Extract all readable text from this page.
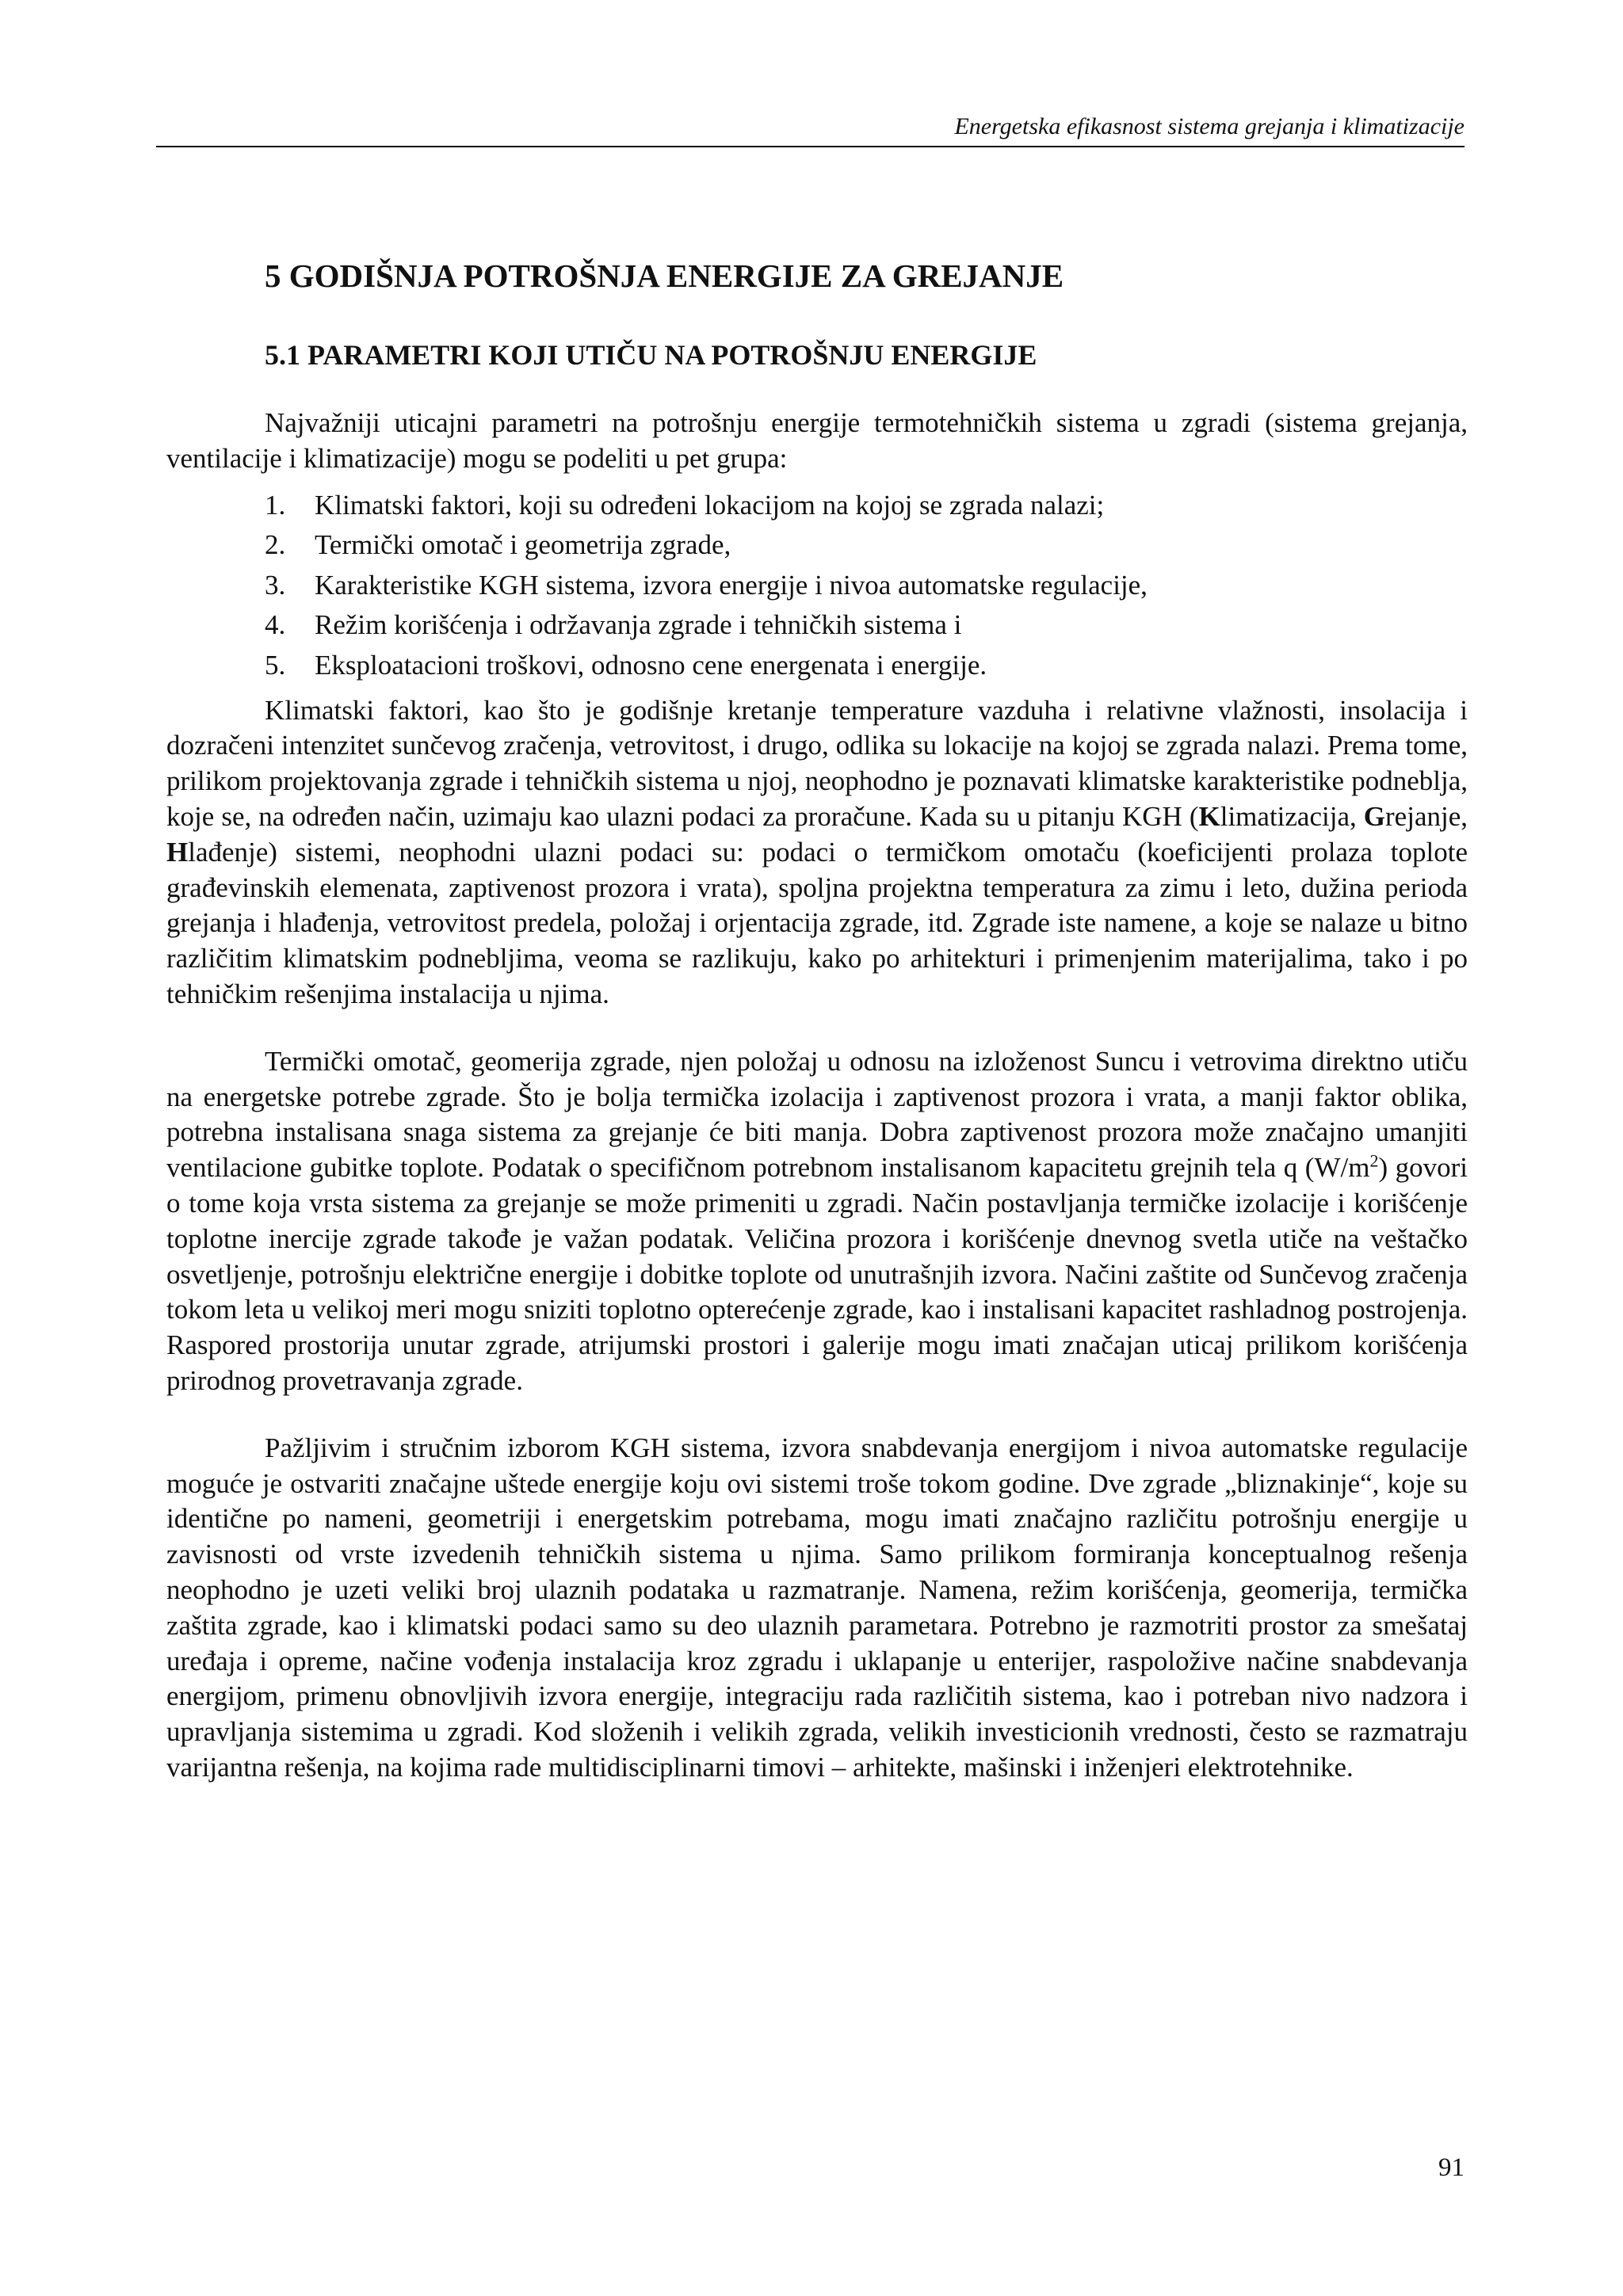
Energetska efikasnost sistema grejanja i klimatizacije
5 GODIŠNJA POTROŠNJA ENERGIJE ZA GREJANJE
5.1 PARAMETRI KOJI UTIČU NA POTROŠNJU ENERGIJE

Najvažniji uticajni parametri na potrošnju energije termotehničkih sistema u zgradi (sistema grejanja, ventilacije i klimatizacije) mogu se podeliti u pet grupa:

1.	Klimatski faktori, koji su određeni lokacijom na kojoj se zgrada nalazi;
2.	Termički omotač i geometrija zgrade,
3.	Karakteristike KGH sistema, izvora energije i nivoa automatske regulacije,
4.	Režim korišćenja i održavanja zgrade i tehničkih sistema i
5.	Eksploatacioni troškovi, odnosno cene energenata i energije.

Klimatski faktori, kao što je godišnje kretanje temperature vazduha i relativne vlažnosti, insolacija i dozračeni intenzitet sunčevog zračenja, vetrovitost, i drugo, odlika su lokacije na kojoj se zgrada nalazi. Prema tome, prilikom projektovanja zgrade i tehničkih sistema u njoj, neophodno je poznavati klimatske karakteristike podneblja, koje se, na određen način, uzimaju kao ulazni podaci za proračune. Kada su u pitanju KGH (Klimatizacija, Grejanje, Hlađenje) sistemi, neophodni ulazni podaci su: podaci o termičkom omotaču (koeficijenti prolaza toplote građevinskih elemenata, zaptivenost prozora i vrata), spoljna projektna temperatura za zimu i leto, dužina perioda grejanja i hlađenja, vetrovitost predela, položaj i orjentacija zgrade, itd. Zgrade iste namene, a koje se nalaze u bitno različitim klimatskim podnebljima, veoma se razlikuju, kako po arhitekturi i primenjenim materijalima, tako i po tehničkim rešenjima instalacija u njima.

Termički omotač, geomerija zgrade, njen položaj u odnosu na izloženost Suncu i vetrovima direktno utiču na energetske potrebe zgrade. Što je bolja termička izolacija i zaptivenost prozora i vrata, a manji faktor oblika, potrebna instalisana snaga sistema za grejanje će biti manja. Dobra zaptivenost prozora može značajno umanjiti ventilacione gubitke toplote. Podatak o specifičnom potrebnom instalisanom kapacitetu grejnih tela q $(W/m^2)$ govori o tome koja vrsta sistema za grejanje se može primeniti u zgradi. Način postavljanja termičke izolacije i korišćenje toplotne inercije zgrade takođe je važan podatak. Veličina prozora i korišćenje dnevnog svetla utiče na veštačko osvetljenje, potrošnju električne energije i dobitke toplote od unutrašnjih izvora. Načini zaštite od Sunčevog zračenja tokom leta u velikoj meri mogu sniziti toplotno opterećenje zgrade, kao i instalisani kapacitet rashladnog postrojenja. Raspored prostorija unutar zgrade, atrijumski prostori i galerije mogu imati značajan uticaj prilikom korišćenja prirodnog provetravanja zgrade.

Pažljivim i stručnim izborom KGH sistema, izvora snabdevanja energijom i nivoa automatske regulacije moguće je ostvariti značajne uštede energije koju ovi sistemi troše tokom godine. Dve zgrade „bliznakinje“, koje su identične po nameni, geometriji i energetskim potrebama, mogu imati značajno različitu potrošnju energije u zavisnosti od vrste izvedenih tehničkih sistema u njima. Samo prilikom formiranja konceptualnog rešenja neophodno je uzeti veliki broj ulaznih podataka u razmatranje. Namena, režim korišćenja, geomerija, termička zaštita zgrade, kao i klimatski podaci samo su deo ulaznih parametara. Potrebno je razmotriti prostor za smešataj uređaja i opreme, načine vođenja instalacija kroz zgradu i uklapanje u enterijer, raspoložive načine snabdevanja energijom, primenu obnovljivih izvora energije, integraciju rada različitih sistema, kao i potreban nivo nadzora i upravljanja sistemima u zgradi. Kod složenih i velikih zgrada, velikih investicionih vrednosti, često se razmatraju varijantna rešenja, na kojima rade multidisciplinarni timovi – arhitekte, mašinski i inženjeri elektrotehnike.

91
